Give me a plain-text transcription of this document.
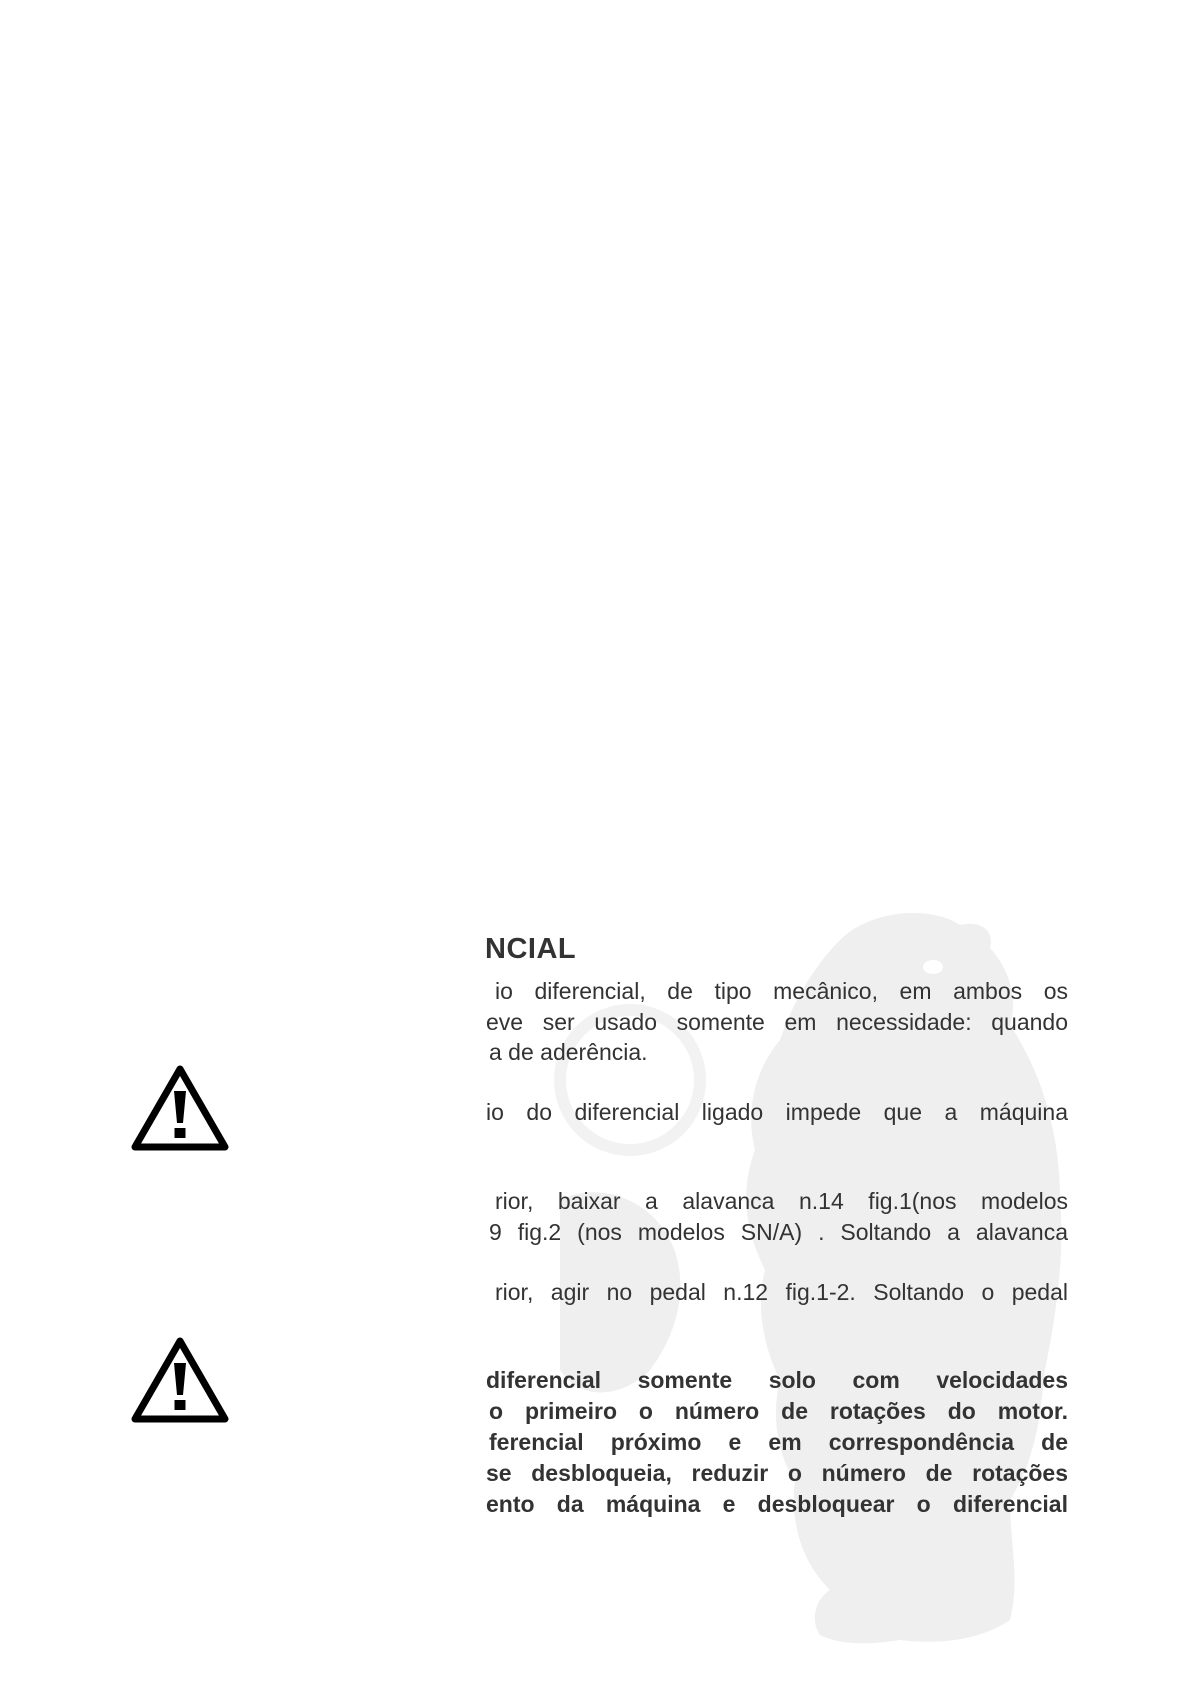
NCIAL
io diferencial, de tipo mecânico, em ambos os
eve ser usado somente em necessidade: quando
a de aderência.
io do diferencial ligado impede que a máquina
rior, baixar a alavanca n.14 fig.1(nos modelos
9 fig.2 (nos modelos SN/A) . Soltando a alavanca
rior, agir no pedal n.12 fig.1-2. Soltando o pedal
diferencial somente solo com velocidades
o primeiro o número de rotações do motor.
ferencial próximo e em correspondência de
se desbloqueia, reduzir o número de rotações
ento da máquina e desbloquear o diferencial
